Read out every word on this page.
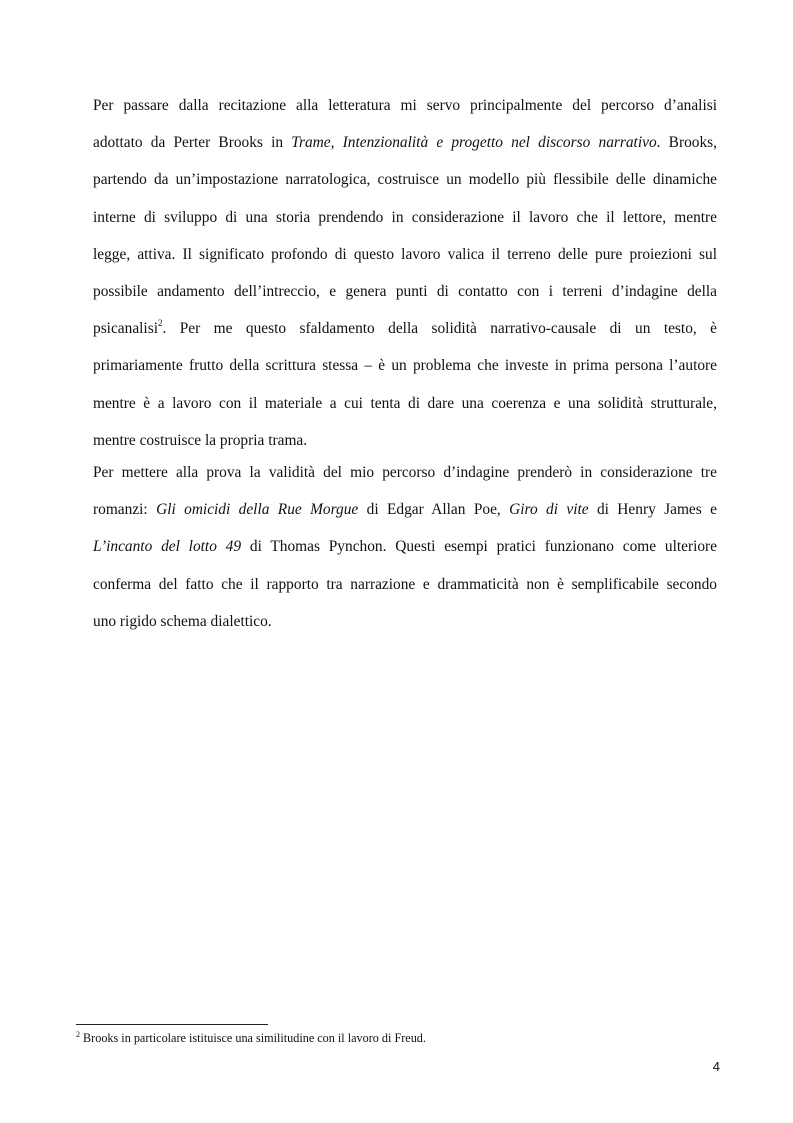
Per passare dalla recitazione alla letteratura mi servo principalmente del percorso d’analisi
adottato da Perter Brooks in Trame, Intenzionalità e progetto nel discorso narrativo. Brooks,
partendo da un’impostazione narratologica, costruisce un modello più flessibile delle dinamiche
interne di sviluppo di una storia prendendo in considerazione il lavoro che il lettore, mentre
legge, attiva. Il significato profondo di questo lavoro valica il terreno delle pure proiezioni sul
possibile andamento dell’intreccio, e genera punti di contatto con i terreni d’indagine della
psicanalisi$^2$. Per me questo sfaldamento della solidità narrativo-causale di un testo, è
primariamente frutto della scrittura stessa – è un problema che investe in prima persona l’autore
mentre è a lavoro con il materiale a cui tenta di dare una coerenza e una solidità strutturale,
mentre costruisce la propria trama.

Per mettere alla prova la validità del mio percorso d’indagine prenderò in considerazione tre
romanzi: Gli omicidi della Rue Morgue di Edgar Allan Poe, Giro di vite di Henry James e
L’incanto del lotto 49 di Thomas Pynchon. Questi esempi pratici funzionano come ulteriore
conferma del fatto che il rapporto tra narrazione e drammaticità non è semplificabile secondo
uno rigido schema dialettico.

$^2$ Brooks in particolare istituisce una similitudine con il lavoro di Freud.

4
